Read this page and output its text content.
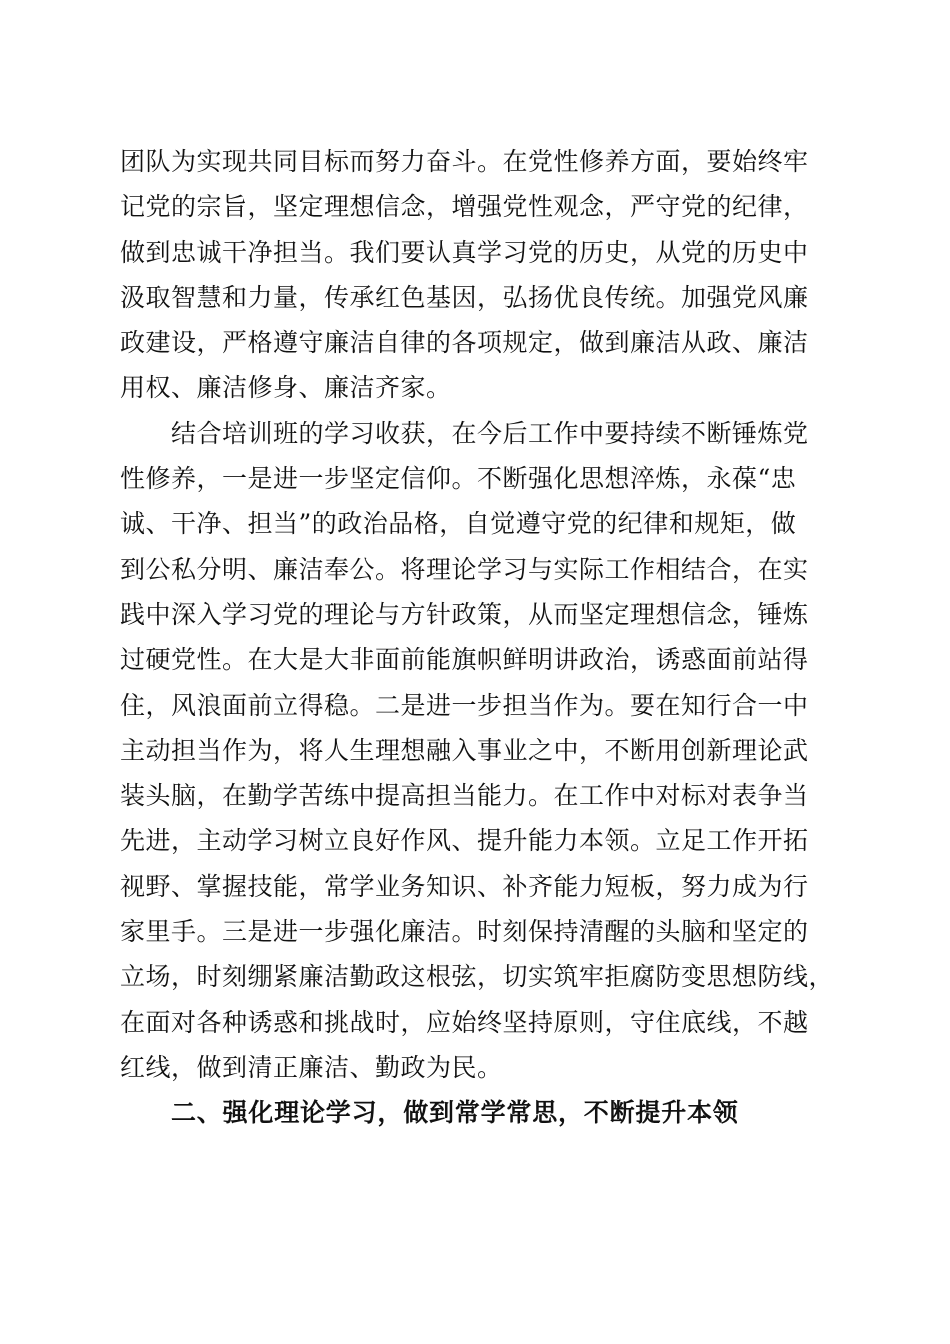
团队为实现共同目标而努力奋斗。在党性修养方面，要始终牢
记党的宗旨，坚定理想信念，增强党性观念，严守党的纪律，
做到忠诚干净担当。我们要认真学习党的历史，从党的历史中
汲取智慧和力量，传承红色基因，弘扬优良传统。加强党风廉
政建设，严格遵守廉洁自律的各项规定，做到廉洁从政、廉洁
用权、廉洁修身、廉洁齐家。
结合培训班的学习收获，在今后工作中要持续不断锤炼党
性修养，一是进一步坚定信仰。不断强化思想淬炼，永葆“忠
诚、干净、担当”的政治品格，自觉遵守党的纪律和规矩，做
到公私分明、廉洁奉公。将理论学习与实际工作相结合，在实
践中深入学习党的理论与方针政策，从而坚定理想信念，锤炼
过硬党性。在大是大非面前能旗帜鲜明讲政治，诱惑面前站得
住，风浪面前立得稳。二是进一步担当作为。要在知行合一中
主动担当作为，将人生理想融入事业之中，不断用创新理论武
装头脑，在勤学苦练中提高担当能力。在工作中对标对表争当
先进，主动学习树立良好作风、提升能力本领。立足工作开拓
视野、掌握技能，常学业务知识、补齐能力短板，努力成为行
家里手。三是进一步强化廉洁。时刻保持清醒的头脑和坚定的
立场，时刻绷紧廉洁勤政这根弦，切实筑牢拒腐防变思想防线，
在面对各种诱惑和挑战时，应始终坚持原则，守住底线，不越
红线，做到清正廉洁、勤政为民。
二、强化理论学习，做到常学常思，不断提升本领
